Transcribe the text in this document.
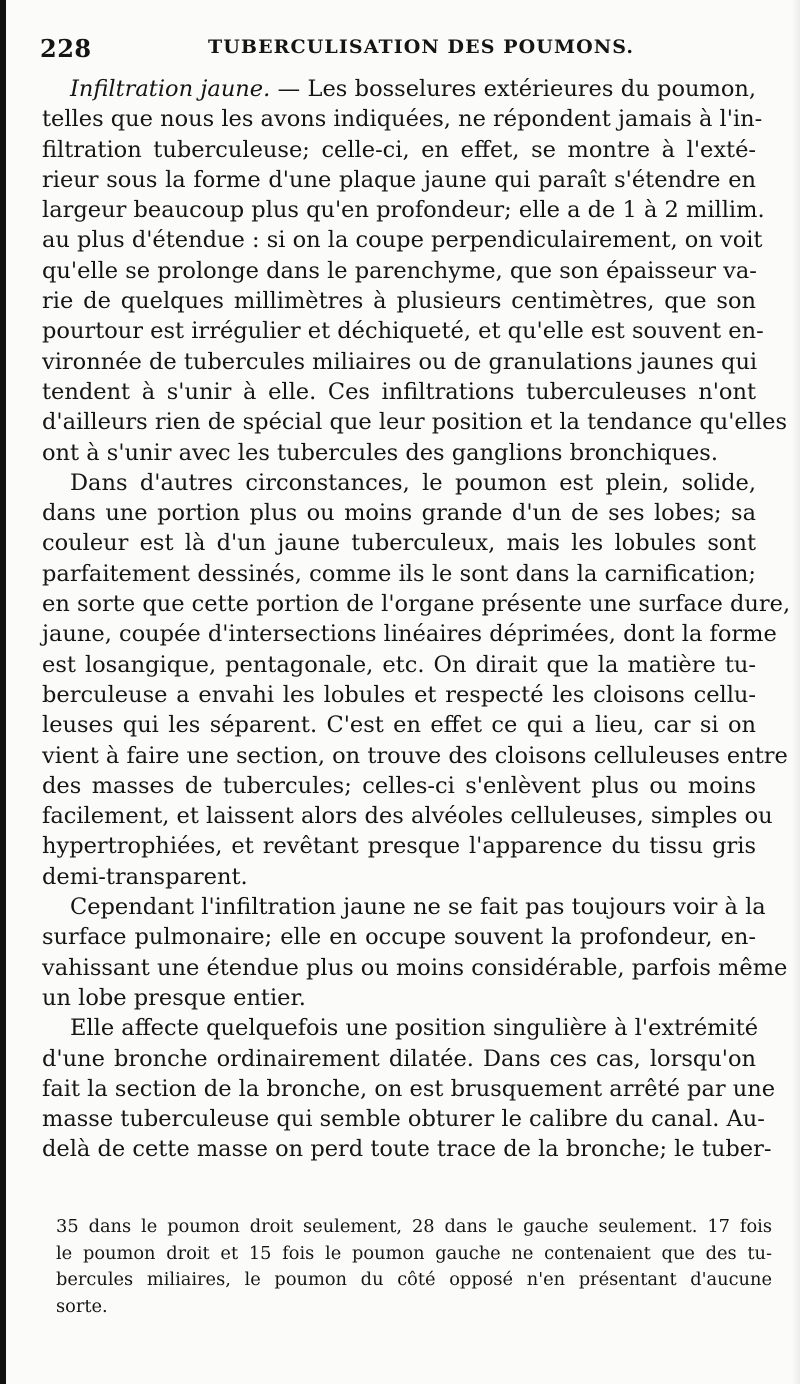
228	TUBERCULISATION DES POUMONS.
Infiltration jaune. — Les bosselures extérieures du poumon,
telles que nous les avons indiquées, ne répondent jamais à l'in-
filtration tuberculeuse; celle-ci, en effet, se montre à l'exté-
rieur sous la forme d'une plaque jaune qui paraît s'étendre en
largeur beaucoup plus qu'en profondeur; elle a de 1 à 2 millim.
au plus d'étendue : si on la coupe perpendiculairement, on voit
qu'elle se prolonge dans le parenchyme, que son épaisseur va-
rie de quelques millimètres à plusieurs centimètres, que son
pourtour est irrégulier et déchiqueté, et qu'elle est souvent en-
vironnée de tubercules miliaires ou de granulations jaunes qui
tendent à s'unir à elle. Ces infiltrations tuberculeuses n'ont
d'ailleurs rien de spécial que leur position et la tendance qu'elles
ont à s'unir avec les tubercules des ganglions bronchiques.
Dans d'autres circonstances, le poumon est plein, solide,
dans une portion plus ou moins grande d'un de ses lobes; sa
couleur est là d'un jaune tuberculeux, mais les lobules sont
parfaitement dessinés, comme ils le sont dans la carnification;
en sorte que cette portion de l'organe présente une surface dure,
jaune, coupée d'intersections linéaires déprimées, dont la forme
est losangique, pentagonale, etc. On dirait que la matière tu-
berculeuse a envahi les lobules et respecté les cloisons cellu-
leuses qui les séparent. C'est en effet ce qui a lieu, car si on
vient à faire une section, on trouve des cloisons celluleuses entre
des masses de tubercules; celles-ci s'enlèvent plus ou moins
facilement, et laissent alors des alvéoles celluleuses, simples ou
hypertrophiées, et revêtant presque l'apparence du tissu gris
demi-transparent.
Cependant l'infiltration jaune ne se fait pas toujours voir à la
surface pulmonaire; elle en occupe souvent la profondeur, en-
vahissant une étendue plus ou moins considérable, parfois même
un lobe presque entier.
Elle affecte quelquefois une position singulière à l'extrémité
d'une bronche ordinairement dilatée. Dans ces cas, lorsqu'on
fait la section de la bronche, on est brusquement arrêté par une
masse tuberculeuse qui semble obturer le calibre du canal. Au-
delà de cette masse on perd toute trace de la bronche; le tuber-
35 dans le poumon droit seulement, 28 dans le gauche seulement. 17 fois
le poumon droit et 15 fois le poumon gauche ne contenaient que des tu-
bercules miliaires, le poumon du côté opposé n'en présentant d'aucune
sorte.
